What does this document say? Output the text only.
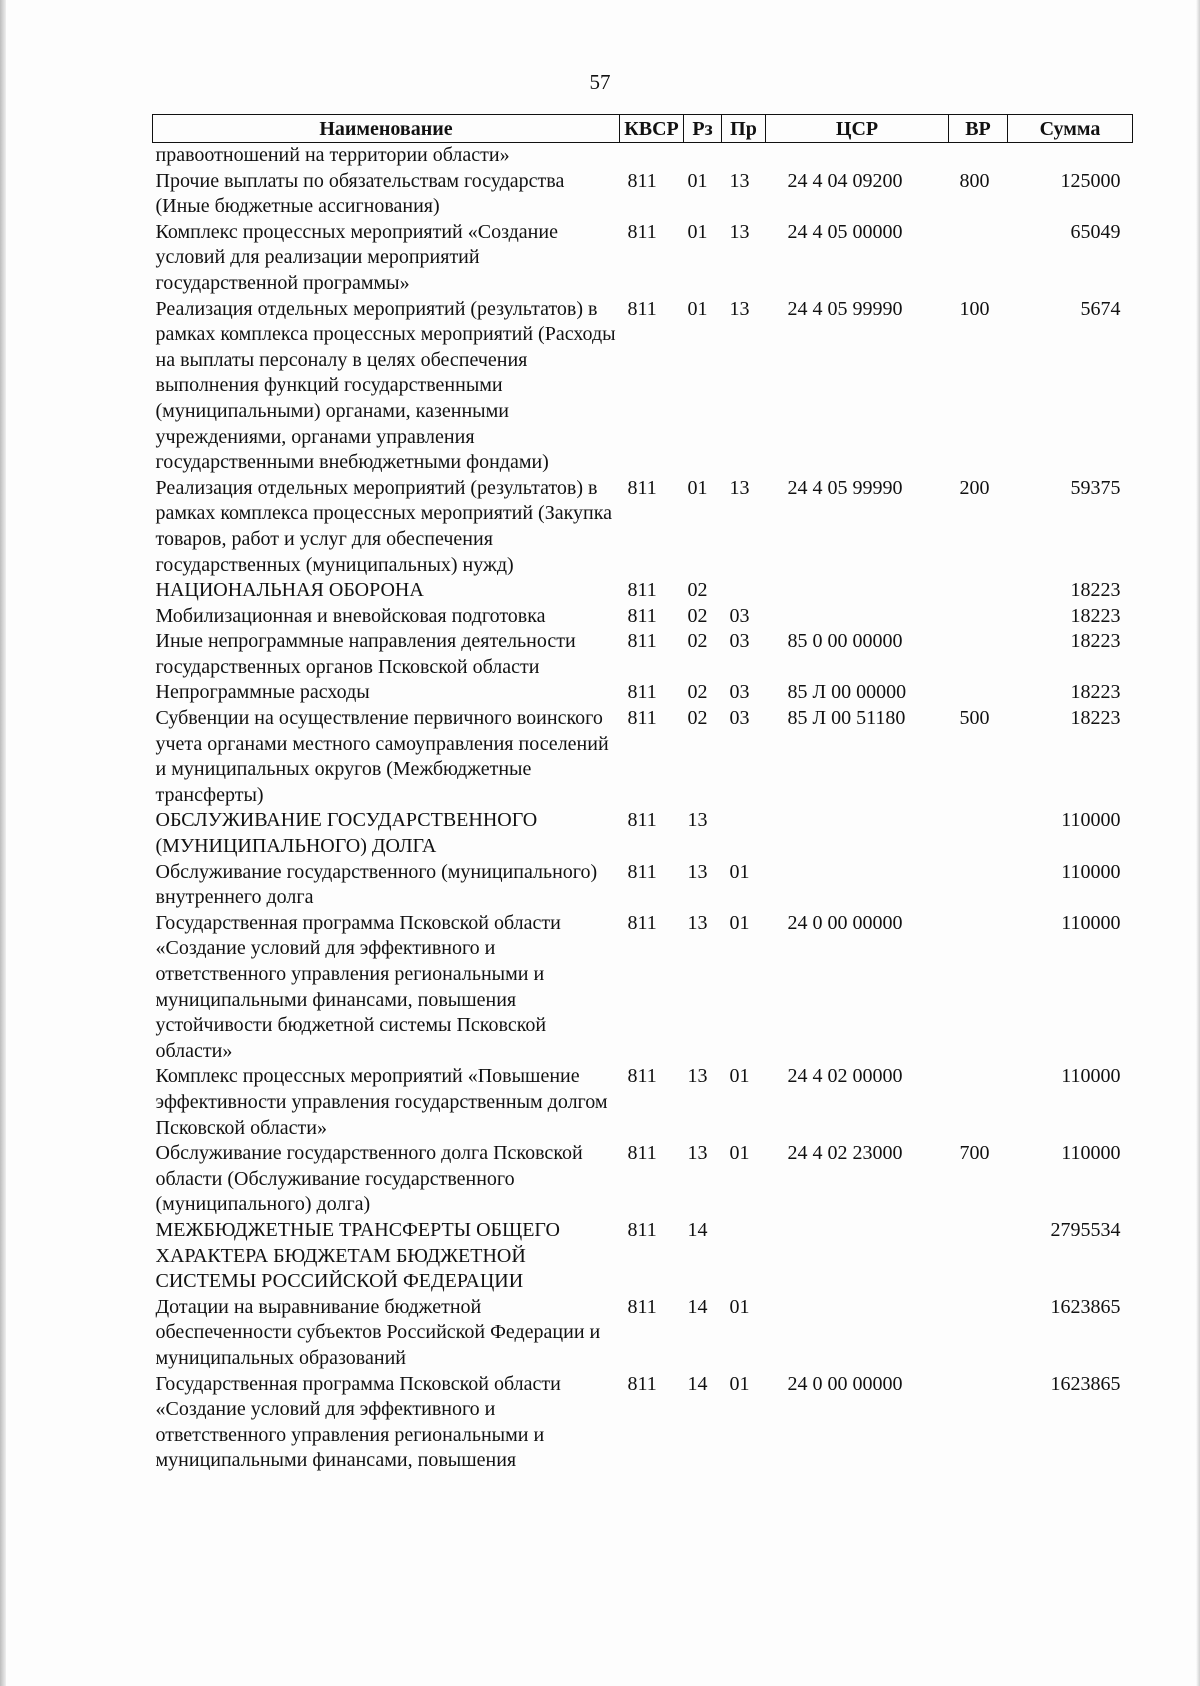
57
Наименование	КВСР	Рз	Пр	ЦСР	ВР	Сумма
правоотношений на территории области»						
Прочие выплаты по обязательствам государства (Иные бюджетные ассигнования)	811	01	13	24 4 04 09200	800	125000
Комплекс процессных мероприятий «Создание условий для реализации мероприятий государственной программы»	811	01	13	24 4 05 00000		65049
Реализация отдельных мероприятий (результатов) в рамках комплекса процессных мероприятий (Расходы на выплаты персоналу в целях обеспечения выполнения функций государственными (муниципальными) органами, казенными учреждениями, органами управления государственными внебюджетными фондами)	811	01	13	24 4 05 99990	100	5674
Реализация отдельных мероприятий (результатов) в рамках комплекса процессных мероприятий (Закупка товаров, работ и услуг для обеспечения государственных (муниципальных) нужд)	811	01	13	24 4 05 99990	200	59375
НАЦИОНАЛЬНАЯ ОБОРОНА	811	02				18223
Мобилизационная и вневойсковая подготовка	811	02	03			18223
Иные непрограммные направления деятельности государственных органов Псковской области	811	02	03	85 0 00 00000		18223
Непрограммные расходы	811	02	03	85 Л 00 00000		18223
Субвенции на осуществление первичного воинского учета органами местного самоуправления поселений и муниципальных округов (Межбюджетные трансферты)	811	02	03	85 Л 00 51180	500	18223
ОБСЛУЖИВАНИЕ ГОСУДАРСТВЕННОГО (МУНИЦИПАЛЬНОГО) ДОЛГА	811	13				110000
Обслуживание государственного (муниципального) внутреннего долга	811	13	01			110000
Государственная программа Псковской области «Создание условий для эффективного и ответственного управления региональными и муниципальными финансами, повышения устойчивости бюджетной системы Псковской области»	811	13	01	24 0 00 00000		110000
Комплекс процессных мероприятий «Повышение эффективности управления государственным долгом Псковской области»	811	13	01	24 4 02 00000		110000
Обслуживание государственного долга Псковской области (Обслуживание государственного (муниципального) долга)	811	13	01	24 4 02 23000	700	110000
МЕЖБЮДЖЕТНЫЕ ТРАНСФЕРТЫ ОБЩЕГО ХАРАКТЕРА БЮДЖЕТАМ БЮДЖЕТНОЙ СИСТЕМЫ РОССИЙСКОЙ ФЕДЕРАЦИИ	811	14				2795534
Дотации на выравнивание бюджетной обеспеченности субъектов Российской Федерации и муниципальных образований	811	14	01			1623865
Государственная программа Псковской области «Создание условий для эффективного и ответственного управления региональными и муниципальными финансами, повышения	811	14	01	24 0 00 00000		1623865
